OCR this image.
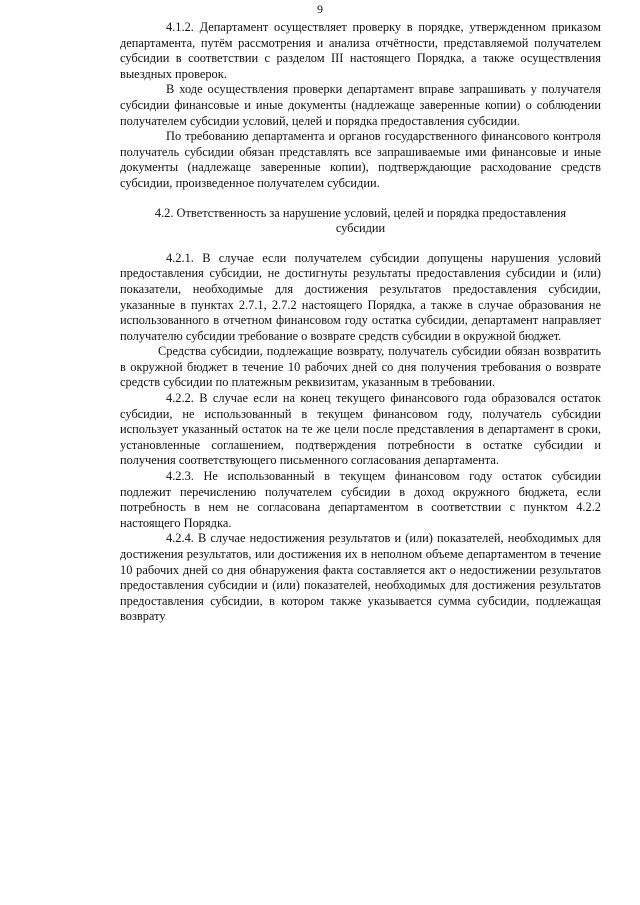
9

4.1.2. Департамент осуществляет проверку в порядке, утвержденном приказом департамента, путём рассмотрения и анализа отчётности, представляемой получателем субсидии в соответствии с разделом III настоящего Порядка, а также осуществления выездных проверок.

В ходе осуществления проверки департамент вправе запрашивать у получателя субсидии финансовые и иные документы (надлежаще заверенные копии) о соблюдении получателем субсидии условий, целей и порядка предоставления субсидии.

По требованию департамента и органов государственного финансового контроля получатель субсидии обязан представлять все запрашиваемые ими финансовые и иные документы (надлежаще заверенные копии), подтверждающие расходование средств субсидии, произведенное получателем субсидии.

4.2. Ответственность за нарушение условий, целей и порядка предоставления субсидии

4.2.1. В случае если получателем субсидии допущены нарушения условий предоставления субсидии, не достигнуты результаты предоставления субсидии и (или) показатели, необходимые для достижения результатов предоставления субсидии, указанные в пунктах 2.7.1, 2.7.2 настоящего Порядка, а также в случае образования не использованного в отчетном финансовом году остатка субсидии, департамент направляет получателю субсидии требование о возврате средств субсидии в окружной бюджет.

Средства субсидии, подлежащие возврату, получатель субсидии обязан возвратить в окружной бюджет в течение 10 рабочих дней со дня получения требования о возврате средств субсидии по платежным реквизитам, указанным в требовании.

4.2.2. В случае если на конец текущего финансового года образовался остаток субсидии, не использованный в текущем финансовом году, получатель субсидии использует указанный остаток на те же цели после представления в департамент в сроки, установленные соглашением, подтверждения потребности в остатке субсидии и получения соответствующего письменного согласования департамента.

4.2.3. Не использованный в текущем финансовом году остаток субсидии подлежит перечислению получателем субсидии в доход окружного бюджета, если потребность в нем не согласована департаментом в соответствии с пунктом 4.2.2 настоящего Порядка.

4.2.4. В случае недостижения результатов и (или) показателей, необходимых для достижения результатов, или достижения их в неполном объеме департаментом в течение 10 рабочих дней со дня обнаружения факта составляется акт о недостижении результатов предоставления субсидии и (или) показателей, необходимых для достижения результатов предоставления субсидии, в котором также указывается сумма субсидии, подлежащая возврату
